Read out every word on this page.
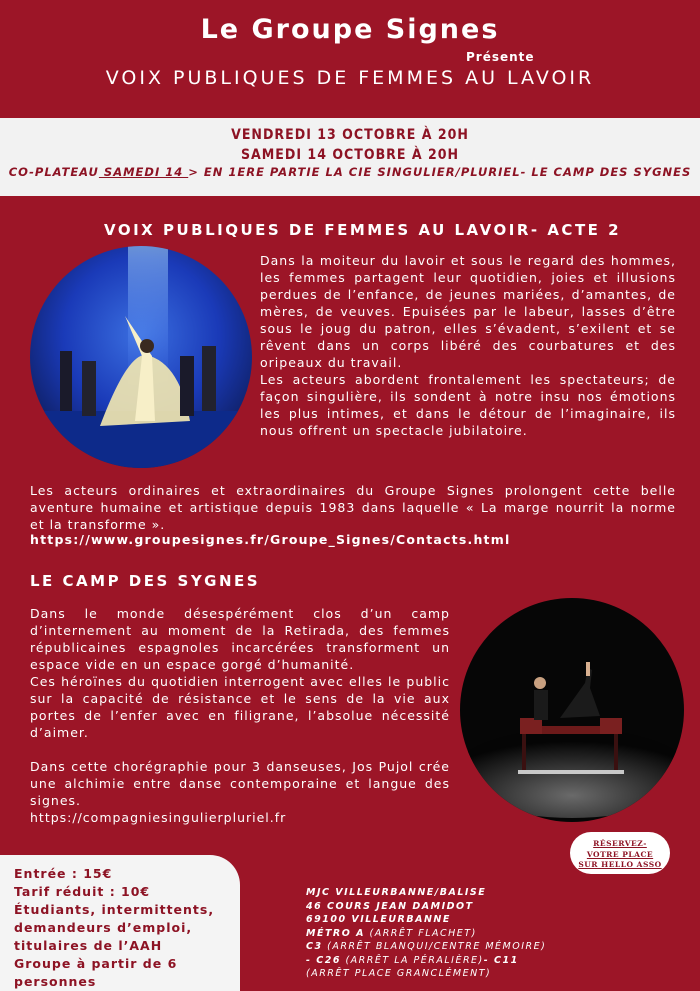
Le Groupe Signes
Présente
VOIX PUBLIQUES DE FEMMES AU LAVOIR
VENDREDI 13 OCTOBRE À 20H
SAMEDI 14 OCTOBRE À 20H
CO-PLATEAU SAMEDI 14 > EN 1ERE PARTIE LA CIE SINGULIER/PLURIEL- LE CAMP DES SYGNES
VOIX PUBLIQUES DE FEMMES AU LAVOIR- ACTE 2

Dans la moiteur du lavoir et sous le regard des hommes, les femmes partagent leur quotidien, joies et illusions perdues de l’enfance, de jeunes mariées, d’amantes, de mères, de veuves. Epuisées par le labeur, lasses d’être sous le joug du patron, elles s’évadent, s’exilent et se rêvent dans un corps libéré des courbatures et des oripeaux du travail.

Les acteurs abordent frontalement les spectateurs; de façon singulière, ils sondent à notre insu nos émotions les plus intimes, et dans le détour de l’imaginaire, ils nous offrent un spectacle jubilatoire.

Les acteurs ordinaires et extraordinaires du Groupe Signes prolongent cette belle aventure humaine et artistique depuis 1983 dans laquelle « La marge nourrit la norme et la transforme ».

https://www.groupesignes.fr/Groupe_Signes/Contacts.html
LE CAMP DES SYGNES

Dans le monde désespérément clos d’un camp d’internement au moment de la Retirada, des femmes républicaines espagnoles incarcérées transforment un espace vide en un espace gorgé d’humanité.

Ces héroïnes du quotidien interrogent avec elles le public sur la capacité de résistance et le sens de la vie aux portes de l’enfer avec en filigrane, l’absolue nécessité d’aimer.

Dans cette chorégraphie pour 3 danseuses, Jos Pujol crée une alchimie entre danse contemporaine et langue des signes.

https://compagniesingulierpluriel.fr

RÉSERVEZ-
VOTRE PLACE
SUR HELLO ASSO
Entrée : 15€
Tarif réduit : 10€
Étudiants, intermittents, demandeurs d’emploi, titulaires de l’AAH
Groupe à partir de 6 personnes
MJC VILLEURBANNE/BALISE
46 COURS JEAN DAMIDOT
69100 VILLEURBANNE
MÉTRO A (ARRÊT FLACHET)
C3 (ARRÊT BLANQUI/CENTRE MÉMOIRE) - C26 (ARRÊT LA PÉRALIÈRE)- C11 (ARRÊT PLACE GRANCLÉMENT)
